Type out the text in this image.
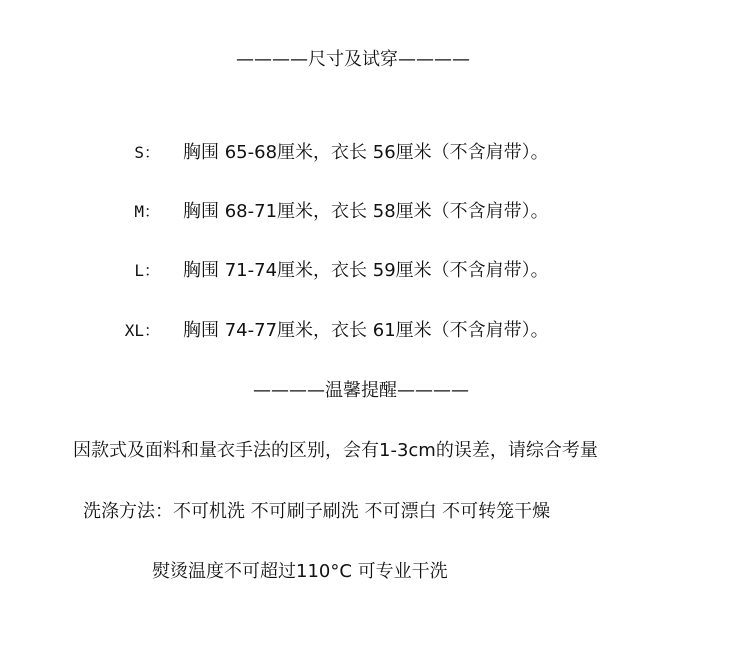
————尺寸及试穿————
S： 胸围 65-68厘米，衣长 56厘米（不含肩带）。
M： 胸围 68-71厘米，衣长 58厘米（不含肩带）。
L： 胸围 71-74厘米，衣长 59厘米（不含肩带）。
XL： 胸围 74-77厘米，衣长 61厘米（不含肩带）。
————温馨提醒————
因款式及面料和量衣手法的区别，会有1-3cm的误差，请综合考量
洗涤方法：不可机洗 不可刷子刷洗 不可漂白 不可转笼干燥
熨烫温度不可超过110°C 可专业干洗
